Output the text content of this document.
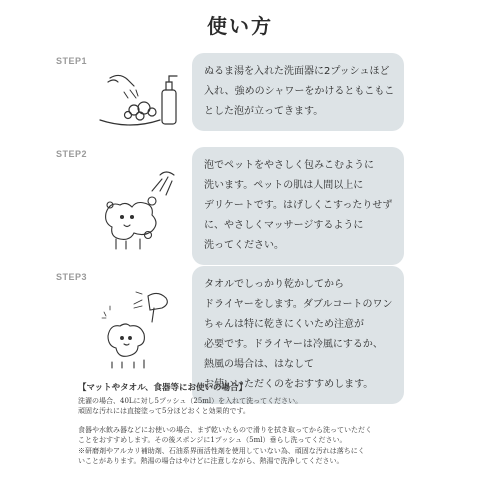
使い方
STEP1
ぬるま湯を入れた洗面器に2プッシュほど
入れ、強めのシャワーをかけるともこもこ
とした泡が立ってきます。
STEP2
泡でペットをやさしく包みこむように
洗います。ペットの肌は人間以上に
デリケートです。はげしくこすったりせず
に、やさしくマッサージするように
洗ってください。
STEP3
タオルでしっかり乾かしてから
ドライヤーをします。ダブルコートのワン
ちゃんは特に乾きにくいため注意が
必要です。ドライヤーは冷風にするか、
熱風の場合は、はなして
お使いいただくのをおすすめします。
【マットやタオル、食器等にお使いの場合】
洗濯の場合、40Lに対し5プッシュ（25ml）を入れて洗ってください。
頑固な汚れには直接塗って5分ほどおくと効果的です。
食器や水飲み器などにお使いの場合、まず乾いたもので滑りを拭き取ってから洗っていただく
ことをおすすめします。その後スポンジに1プッシュ（5ml）垂らし洗ってください。
※研磨剤やアルカリ補助剤、石油系界面活性剤を使用していない為、頑固な汚れは落ちにく
いことがあります。熱湯の場合はやけどに注意しながら、熱湯で洗浄してください。
